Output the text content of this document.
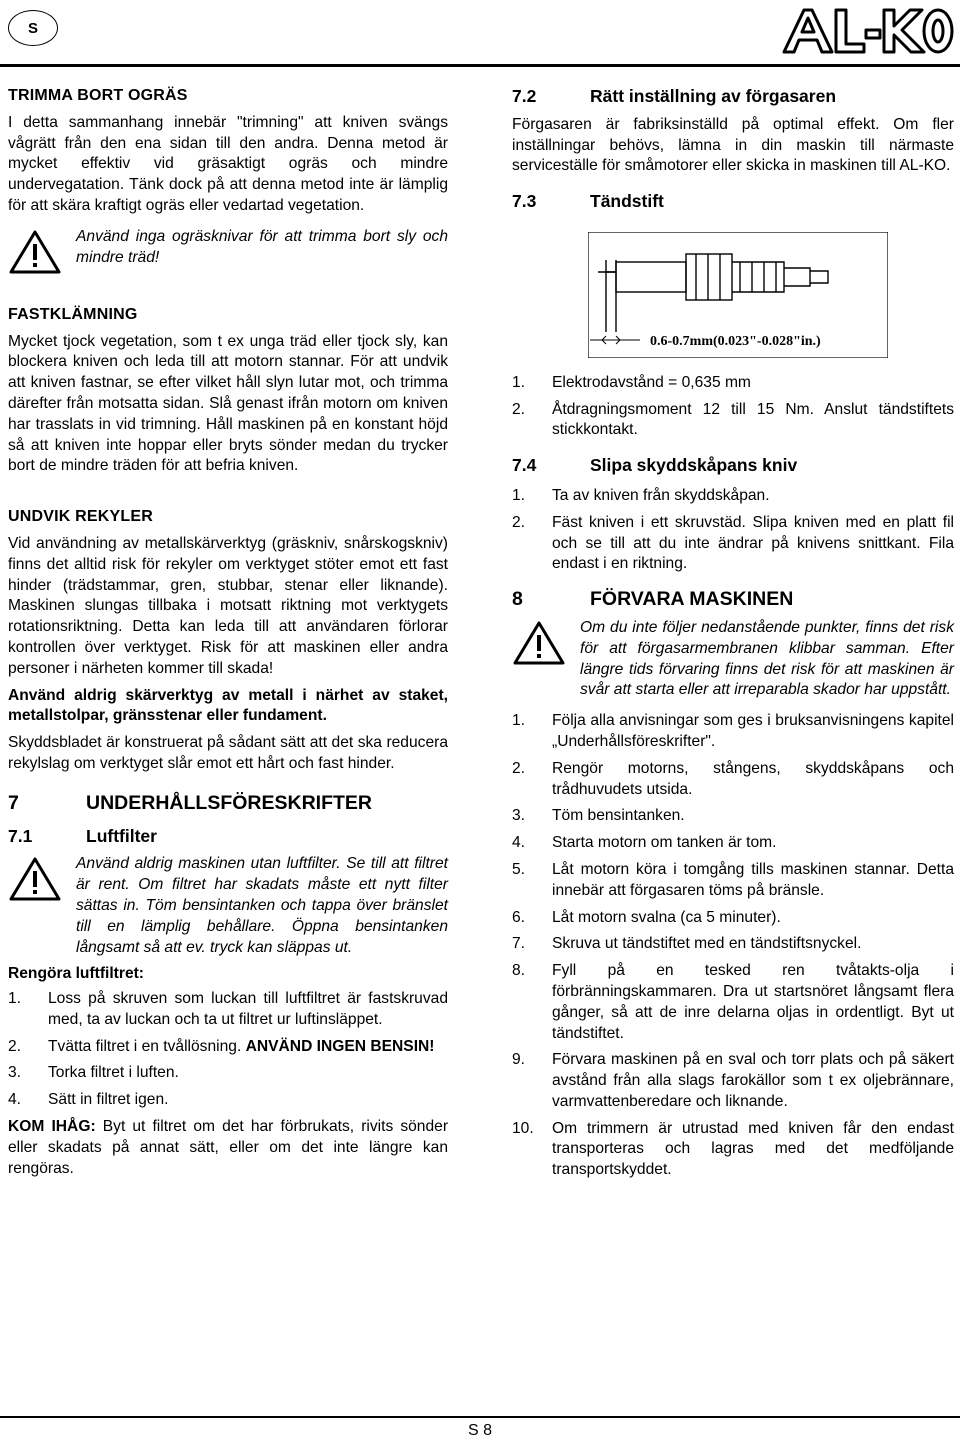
S
TRIMMA BORT OGRÄS

I detta sammanhang innebär "trimning" att kniven svängs vågrätt från den ena sidan till den andra. Denna metod är mycket effektiv vid gräsaktigt ogräs och mindre undervegatation. Tänk dock på att denna metod inte är lämplig för att skära kraftigt ogräs eller vedartad vegetation.

Använd inga ogräsknivar för att trimma bort sly och mindre träd!
FASTKLÄMNING

Mycket tjock vegetation, som t ex unga träd eller tjock sly, kan blockera kniven och leda till att motorn stannar. För att undvik att kniven fastnar, se efter vilket håll slyn lutar mot, och trimma därefter från motsatta sidan. Slå genast ifrån motorn om kniven har trasslats in vid trimning. Håll maskinen på en konstant höjd så att kniven inte hoppar eller bryts sönder medan du trycker bort de mindre träden för att befria kniven.

UNDVIK REKYLER

Vid användning av metallskärverktyg (gräskniv, snårskogskniv) finns det alltid risk för rekyler om verktyget stöter emot ett fast hinder (trädstammar, gren, stubbar, stenar eller liknande). Maskinen slungas tillbaka i motsatt riktning mot verktygets rotationsriktning. Detta kan leda till att användaren förlorar kontrollen över verktyget. Risk för att maskinen eller andra personer i närheten kommer till skada!

Använd aldrig skärverktyg av metall i närhet av staket, metallstolpar, gränsstenar eller fundament.

Skyddsbladet är konstruerat på sådant sätt att det ska reducera rekylslag om verktyget slår emot ett hårt och fast hinder.

7	UNDERHÅLLSFÖRESKRIFTER
7.1	Luftfilter
Använd aldrig maskinen utan luftfilter. Se till att filtret är rent. Om filtret har skadats måste ett nytt filter sättas in. Töm bensintanken och tappa över bränslet till en lämplig behållare. Öppna bensintanken långsamt så att ev. tryck kan släppas ut.
Rengöra luftfiltret:
1.	Loss på skruven som luckan till luftfiltret är fastskruvad med, ta av luckan och ta ut filtret ur luftinsläppet.
2.	Tvätta filtret i en tvållösning. ANVÄND INGEN BENSIN!
3.	Torka filtret i luften.
4.	Sätt in filtret igen.

KOM IHÅG: Byt ut filtret om det har förbrukats, rivits sönder eller skadats på annat sätt, eller om det inte längre kan rengöras.

7.2	Rätt inställning av förgasaren

Förgasaren är fabriksinställd på optimal effekt. Om fler inställningar behövs, lämna in din maskin till närmaste serviceställe för småmotorer eller skicka in maskinen till AL-KO.

7.3	Tändstift
0.6-0.7mm(0.023"-0.028"in.)
1.	Elektrodavstånd = 0,635 mm
2.	Åtdragningsmoment 12 till 15 Nm. Anslut tändstiftets stickkontakt.
7.4	Slipa skyddskåpans kniv
1.	Ta av kniven från skyddskåpan.
2.	Fäst kniven i ett skruvstäd. Slipa kniven med en platt fil och se till att du inte ändrar på knivens snittkant. Fila endast i en riktning.
8	FÖRVARA MASKINEN
Om du inte följer nedanstående punkter, finns det risk för att förgasarmembranen klibbar samman. Efter längre tids förvaring finns det risk för att maskinen är svår att starta eller att irreparabla skador har uppstått.
1.	Följa alla anvisningar som ges i bruksanvisningens kapitel „Underhållsföreskrifter".
2.	Rengör motorns, stångens, skyddskåpans och trådhuvudets utsida.
3.	Töm bensintanken.
4.	Starta motorn om tanken är tom.
5.	Låt motorn köra i tomgång tills maskinen stannar. Detta innebär att förgasaren töms på bränsle.
6.	Låt motorn svalna (ca 5 minuter).
7.	Skruva ut tändstiftet med en tändstiftsnyckel.
8.	Fyll på en tesked ren tvåtakts-olja i förbränningskammaren. Dra ut startsnöret långsamt flera gånger, så att de inre delarna oljas in ordentligt. Byt ut tändstiftet.
9.	Förvara maskinen på en sval och torr plats och på säkert avstånd från alla slags farokällor som t ex oljebrännare, varmvattenberedare och liknande.
10.	Om trimmern är utrustad med kniven får den endast transporteras och lagras med det medföljande transportskyddet.
S 8
